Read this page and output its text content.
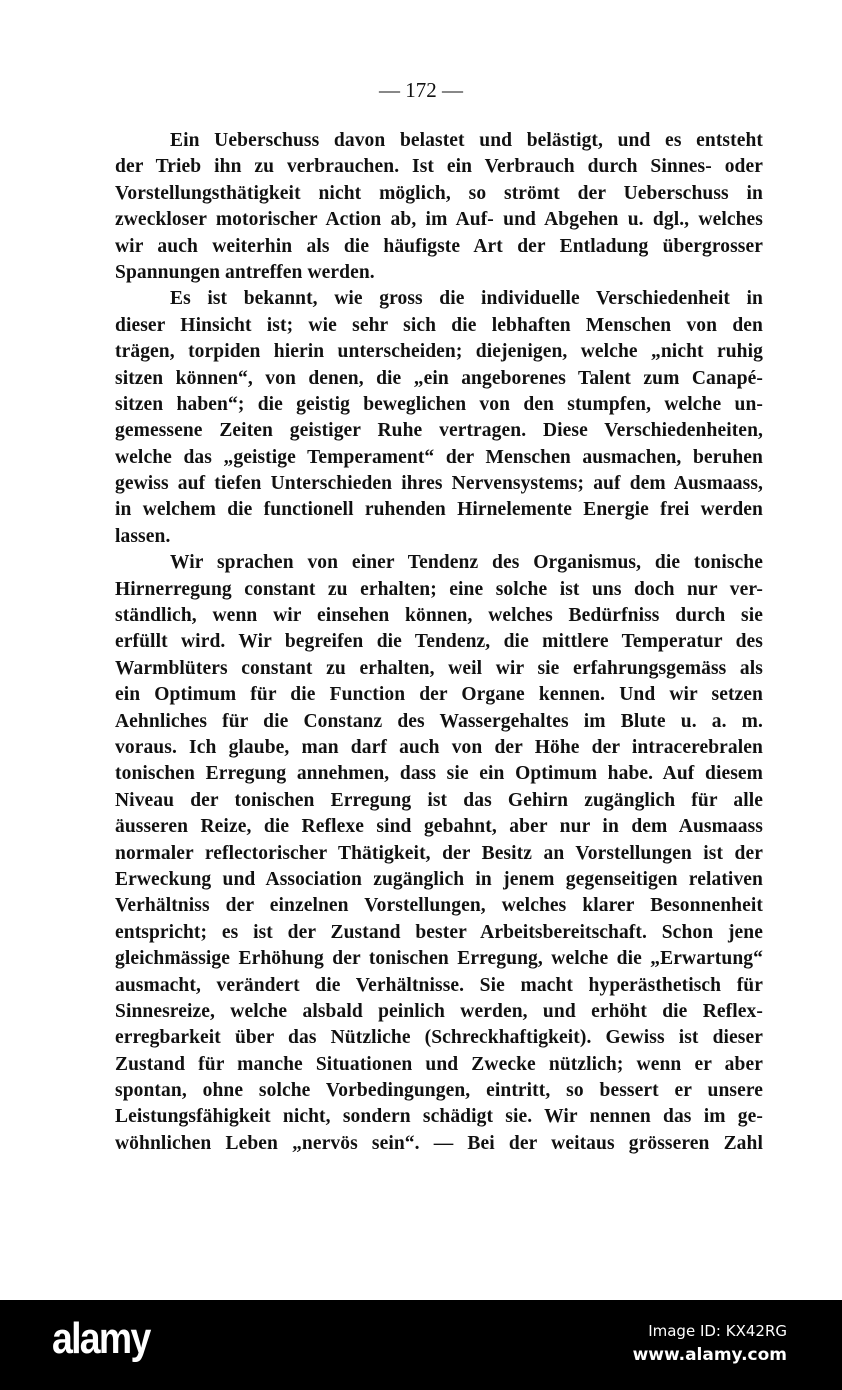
— 172 —
Ein Ueberschuss davon belastet und belästigt, und es entsteht
der Trieb ihn zu verbrauchen. Ist ein Verbrauch durch Sinnes- oder
Vorstellungsthätigkeit nicht möglich, so strömt der Ueberschuss in
zweckloser motorischer Action ab, im Auf- und Abgehen u. dgl., welches
wir auch weiterhin als die häufigste Art der Entladung übergrosser
Spannungen antreffen werden.
Es ist bekannt, wie gross die individuelle Verschiedenheit in
dieser Hinsicht ist; wie sehr sich die lebhaften Menschen von den
trägen, torpiden hierin unterscheiden; diejenigen, welche „nicht ruhig
sitzen können“, von denen, die „ein angeborenes Talent zum Canapé-
sitzen haben“; die geistig beweglichen von den stumpfen, welche un-
gemessene Zeiten geistiger Ruhe vertragen. Diese Verschiedenheiten,
welche das „geistige Temperament“ der Menschen ausmachen, beruhen
gewiss auf tiefen Unterschieden ihres Nervensystems; auf dem Ausmaass,
in welchem die functionell ruhenden Hirnelemente Energie frei werden
lassen.
Wir sprachen von einer Tendenz des Organismus, die tonische
Hirnerregung constant zu erhalten; eine solche ist uns doch nur ver-
ständlich, wenn wir einsehen können, welches Bedürfniss durch sie
erfüllt wird. Wir begreifen die Tendenz, die mittlere Temperatur des
Warmblüters constant zu erhalten, weil wir sie erfahrungsgemäss als
ein Optimum für die Function der Organe kennen. Und wir setzen
Aehnliches für die Constanz des Wassergehaltes im Blute u. a. m.
voraus. Ich glaube, man darf auch von der Höhe der intracerebralen
tonischen Erregung annehmen, dass sie ein Optimum habe. Auf diesem
Niveau der tonischen Erregung ist das Gehirn zugänglich für alle
äusseren Reize, die Reflexe sind gebahnt, aber nur in dem Ausmaass
normaler reflectorischer Thätigkeit, der Besitz an Vorstellungen ist der
Erweckung und Association zugänglich in jenem gegenseitigen relativen
Verhältniss der einzelnen Vorstellungen, welches klarer Besonnenheit
entspricht; es ist der Zustand bester Arbeitsbereitschaft. Schon jene
gleichmässige Erhöhung der tonischen Erregung, welche die „Erwartung“
ausmacht, verändert die Verhältnisse. Sie macht hyperästhetisch für
Sinnesreize, welche alsbald peinlich werden, und erhöht die Reflex-
erregbarkeit über das Nützliche (Schreckhaftigkeit). Gewiss ist dieser
Zustand für manche Situationen und Zwecke nützlich; wenn er aber
spontan, ohne solche Vorbedingungen, eintritt, so bessert er unsere
Leistungsfähigkeit nicht, sondern schädigt sie. Wir nennen das im ge-
wöhnlichen Leben „nervös sein“. — Bei der weitaus grösseren Zahl
alamy	Image ID: KX42RG
www.alamy.com
